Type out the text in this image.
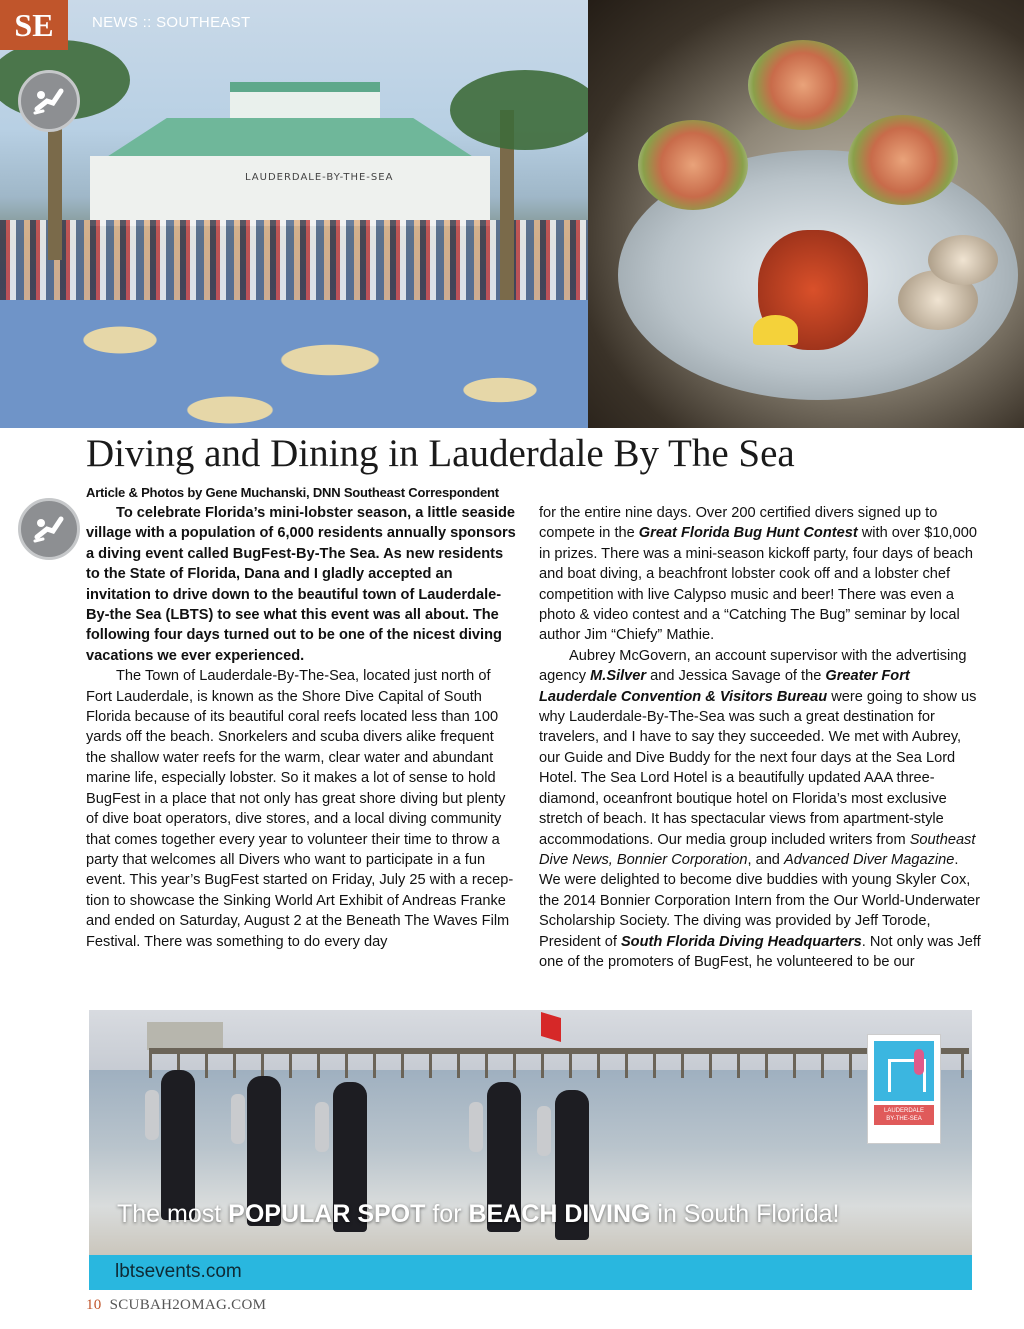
LAUDERDALE-BY-THE-SEA
SE	NEWS :: SOUTHEAST
Diving and Dining in Lauderdale By The Sea
Article & Photos by Gene Muchanski, DNN Southeast Correspondent

To celebrate Florida’s mini-lobster season, a little seaside village with a population of 6,000 residents annually sponsors a diving event called BugFest-By-The Sea. As new residents to the State of Florida, Dana and I gladly accepted an invitation to drive down to the beautiful town of Lauderdale-By-the Sea (LBTS) to see what this event was all about. The following four days turned out to be one of the nicest diving vacations we ever experienced.

The Town of Lauderdale-By-The-Sea, located just north of Fort Lauderdale, is known as the Shore Dive Capital of South Florida because of its beautiful coral reefs located less than 100 yards off the beach. Snorkelers and scuba divers alike frequent the shallow water reefs for the warm, clear water and abundant marine life, especially lobster. So it makes a lot of sense to hold BugFest in a place that not only has great shore diving but plenty of dive boat operators, dive stores, and a local diving community that comes together every year to volunteer their time to throw a party that welcomes all Divers who want to participate in a fun event. This year’s BugFest started on Friday, July 25 with a recep-tion to showcase the Sinking World Art Exhibit of Andreas Franke and ended on Saturday, August 2 at the Beneath The Waves Film Festival. There was something to do every day

for the entire nine days. Over 200 certified divers signed up to compete in the Great Florida Bug Hunt Contest with over $10,000 in prizes. There was a mini-season kickoff party, four days of beach and boat diving, a beachfront lobster cook off and a lobster chef competition with live Calypso music and beer! There was even a photo & video contest and a “Catching The Bug” seminar by local author Jim “Chiefy” Mathie.

Aubrey McGovern, an account supervisor with the advertising agency M.Silver and Jessica Savage of the Greater Fort Lauderdale Convention & Visitors Bureau were going to show us why Lauderdale-By-The-Sea was such a great destination for travelers, and I have to say they succeeded. We met with Aubrey, our Guide and Dive Buddy for the next four days at the Sea Lord Hotel. The Sea Lord Hotel is a beautifully updated AAA three-diamond, oceanfront boutique hotel on Florida’s most exclusive stretch of beach. It has spectacular views from apartment-style accommodations. Our media group included writers from Southeast Dive News, Bonnier Corporation, and Advanced Diver Magazine. We were delighted to become dive buddies with young Skyler Cox, the 2014 Bonnier Corporation Intern from the Our World-Underwater Scholarship Society. The diving was provided by Jeff Torode, President of South Florida Diving Headquarters. Not only was Jeff one of the promoters of BugFest, he volunteered to be our

LAUDERDALE
BY-THE-SEA
The most POPULAR SPOT for BEACH DIVING in South Florida!
lbtsevents.com
10 SCUBAH2OMAG.COM
